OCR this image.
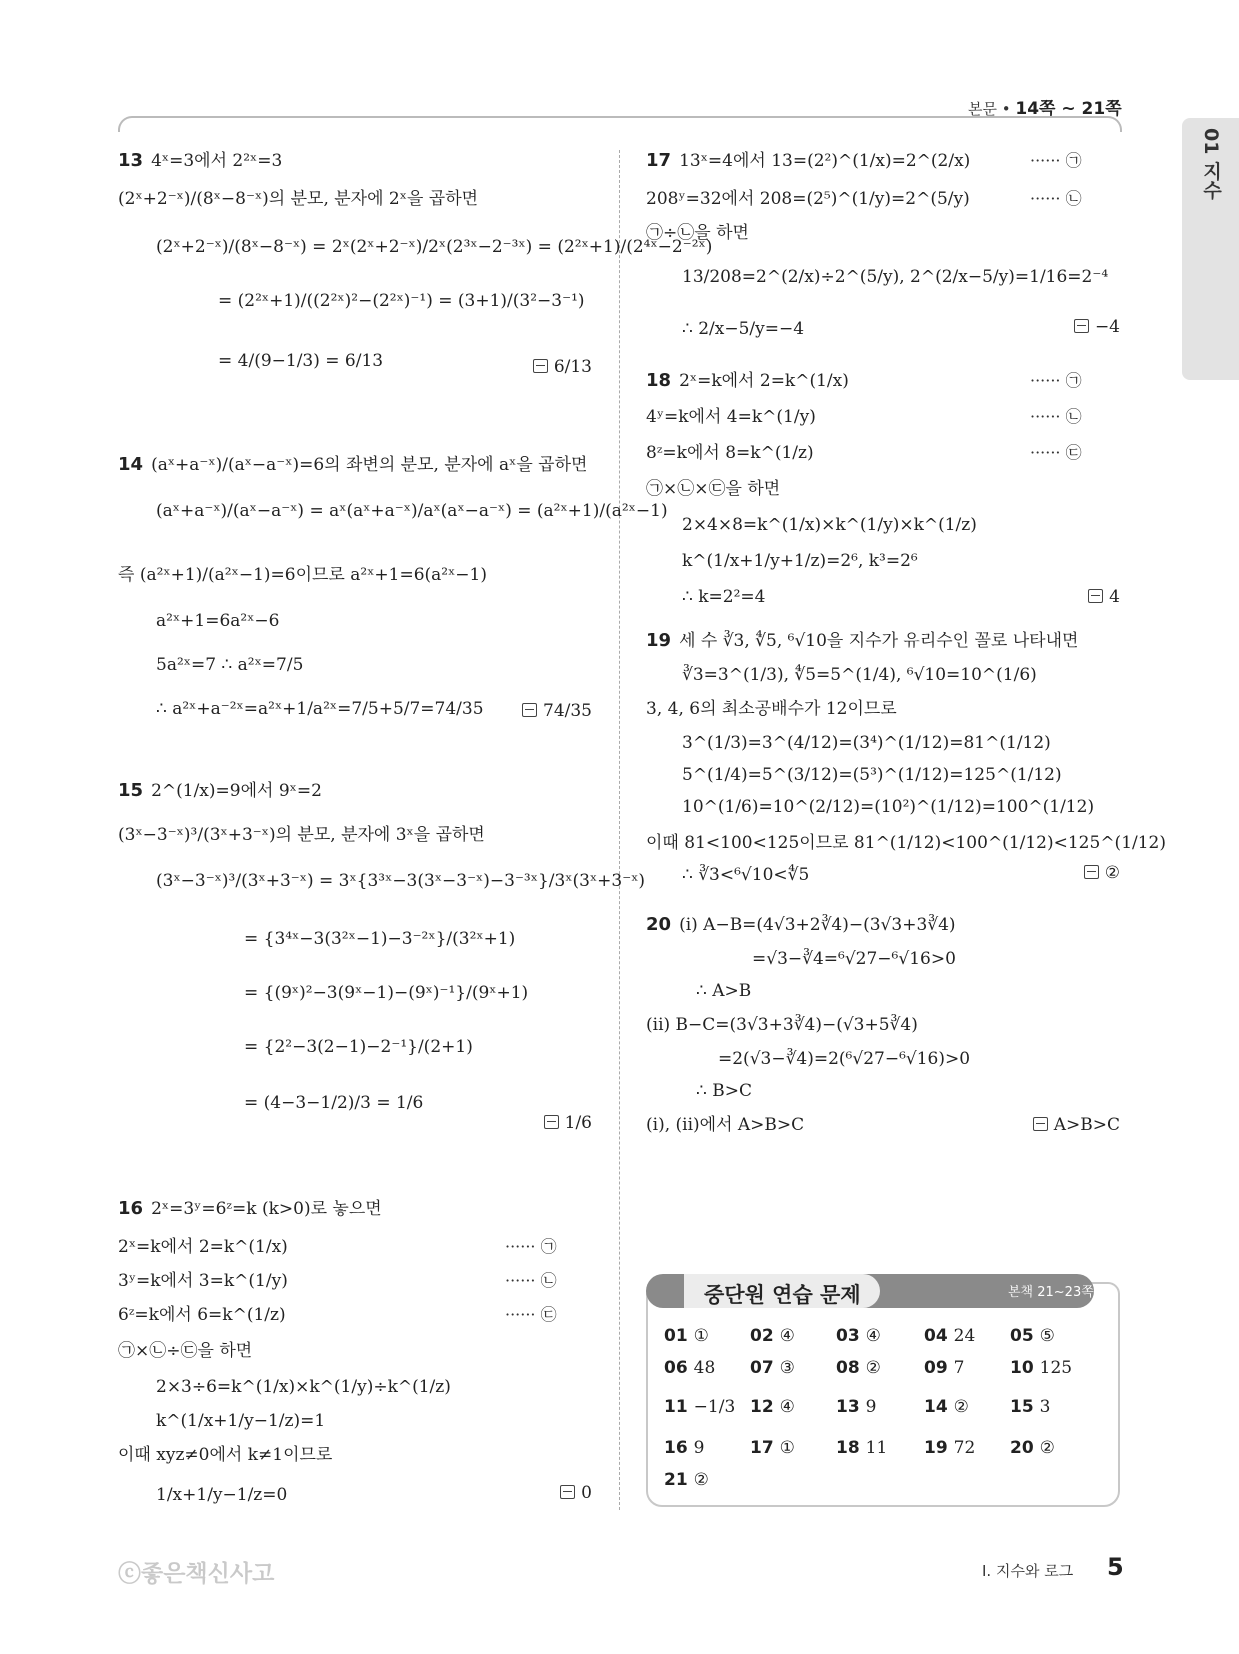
본문 • 14쪽 ~ 21쪽
01 지수
13 4ˣ=3에서 2²ˣ=3
(2ˣ+2⁻ˣ)/(8ˣ−8⁻ˣ)의 분모, 분자에 2ˣ을 곱하면
(2ˣ+2⁻ˣ)/(8ˣ−8⁻ˣ) = 2ˣ(2ˣ+2⁻ˣ)/2ˣ(2³ˣ−2⁻³ˣ) = (2²ˣ+1)/(2⁴ˣ−2⁻²ˣ)
= (2²ˣ+1)/((2²ˣ)²−(2²ˣ)⁻¹) = (3+1)/(3²−3⁻¹)
= 4/(9−1/3) = 6/13
14 (aˣ+a⁻ˣ)/(aˣ−a⁻ˣ)=6의 좌변의 분모, 분자에 aˣ을 곱하면
(aˣ+a⁻ˣ)/(aˣ−a⁻ˣ) = aˣ(aˣ+a⁻ˣ)/aˣ(aˣ−a⁻ˣ) = (a²ˣ+1)/(a²ˣ−1)
즉 (a²ˣ+1)/(a²ˣ−1)=6이므로 a²ˣ+1=6(a²ˣ−1)
a²ˣ+1=6a²ˣ−6
5a²ˣ=7 ∴ a²ˣ=7/5
∴ a²ˣ+a⁻²ˣ=a²ˣ+1/a²ˣ=7/5+5/7=74/35
15 2^(1/x)=9에서 9ˣ=2
(3ˣ−3⁻ˣ)³/(3ˣ+3⁻ˣ)의 분모, 분자에 3ˣ을 곱하면
(3ˣ−3⁻ˣ)³/(3ˣ+3⁻ˣ) = 3ˣ{3³ˣ−3(3ˣ−3⁻ˣ)−3⁻³ˣ}/3ˣ(3ˣ+3⁻ˣ)
= {3⁴ˣ−3(3²ˣ−1)−3⁻²ˣ}/(3²ˣ+1)
= {(9ˣ)²−3(9ˣ−1)−(9ˣ)⁻¹}/(9ˣ+1)
= {2²−3(2−1)−2⁻¹}/(2+1)
= (4−3−1/2)/3 = 1/6
16 2ˣ=3ʸ=6ᶻ=k (k>0)로 놓으면
2ˣ=k에서 2=k^(1/x)	······ ㉠
3ʸ=k에서 3=k^(1/y)	······ ㉡
6ᶻ=k에서 6=k^(1/z)	······ ㉢
㉠×㉡÷㉢을 하면
2×3÷6=k^(1/x)×k^(1/y)÷k^(1/z)
k^(1/x+1/y−1/z)=1
이때 xyz≠0에서 k≠1이므로
1/x+1/y−1/z=0
17 13ˣ=4에서 13=(2²)^(1/x)=2^(2/x)	······ ㉠
208ʸ=32에서 208=(2⁵)^(1/y)=2^(5/y)	······ ㉡
㉠÷㉡을 하면
13/208=2^(2/x)÷2^(5/y), 2^(2/x−5/y)=1/16=2⁻⁴
∴ 2/x−5/y=−4
18 2ˣ=k에서 2=k^(1/x)	······ ㉠
4ʸ=k에서 4=k^(1/y)	······ ㉡
8ᶻ=k에서 8=k^(1/z)	······ ㉢
㉠×㉡×㉢을 하면
2×4×8=k^(1/x)×k^(1/y)×k^(1/z)
k^(1/x+1/y+1/z)=2⁶, k³=2⁶
∴ k=2²=4
19 세 수 ∛3, ∜5, ⁶√10을 지수가 유리수인 꼴로 나타내면
∛3=3^(1/3), ∜5=5^(1/4), ⁶√10=10^(1/6)
3, 4, 6의 최소공배수가 12이므로
3^(1/3)=3^(4/12)=(3⁴)^(1/12)=81^(1/12)
5^(1/4)=5^(3/12)=(5³)^(1/12)=125^(1/12)
10^(1/6)=10^(2/12)=(10²)^(1/12)=100^(1/12)
이때 81<100<125이므로 81^(1/12)<100^(1/12)<125^(1/12)
∴ ∛3<⁶√10<∜5
20 (i) A−B=(4√3+2∛4)−(3√3+3∛4)
=√3−∛4=⁶√27−⁶√16>0
∴ A>B
(ii) B−C=(3√3+3∛4)−(√3+5∛4)
=2(√3−∛4)=2(⁶√27−⁶√16)>0
∴ B>C
(i), (ii)에서 A>B>C
6/13
74/35
1/6
0
−4
4
②
A>B>C
중단원 연습 문제	본책 21~23쪽
01 ① 02 ④ 03 ④	04 24 05 ⑤
06 48 07 ③ 08 ②	09 7	10 125
11 −1/3 12 ④ 13 9	14 ② 15 3
16 9	17 ① 18 11 19 72 20 ②
21 ②
ⓒ좋은책신사고	Ⅰ. 지수와 로그 5
